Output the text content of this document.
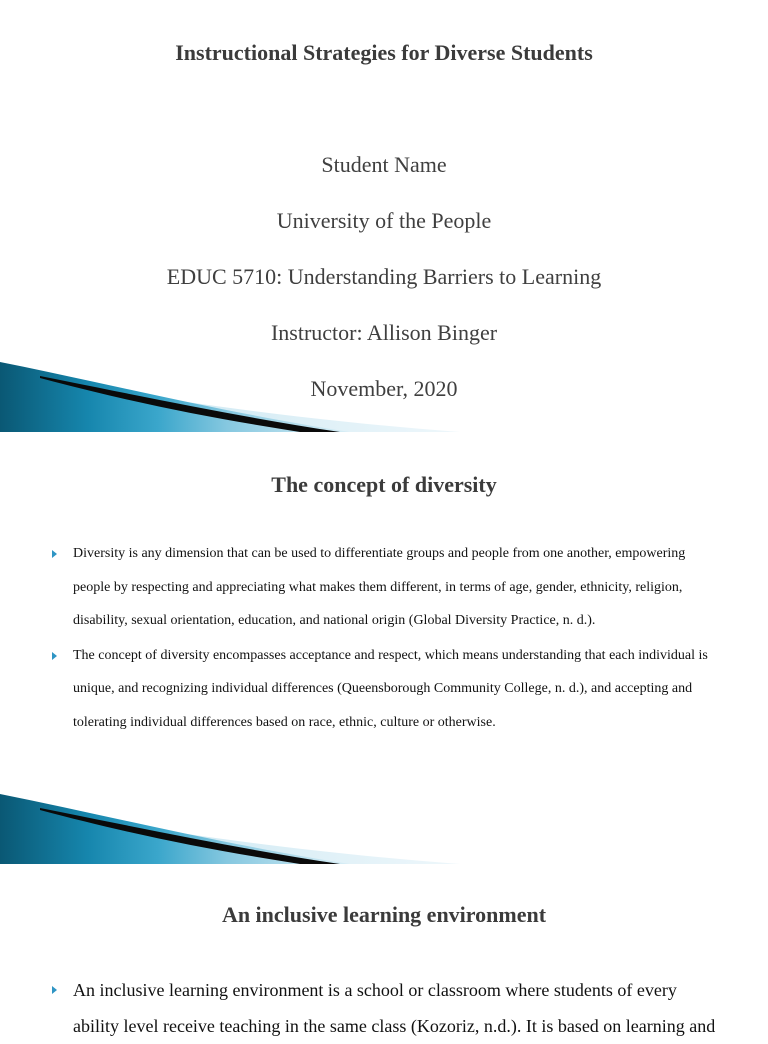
Instructional Strategies for Diverse Students
Student Name
University of the People
EDUC 5710: Understanding Barriers to Learning
Instructor: Allison Binger
November, 2020
The concept of diversity
Diversity is any dimension that can be used to differentiate groups and people from one another, empowering people by respecting and appreciating what makes them different, in terms of age, gender, ethnicity, religion, disability, sexual orientation, education, and national origin (Global Diversity Practice, n. d.).
The concept of diversity encompasses acceptance and respect, which means understanding that each individual is unique, and recognizing individual differences (Queensborough Community College, n. d.), and accepting and tolerating individual differences based on race, ethnic, culture or otherwise.
An inclusive learning environment
An inclusive learning environment is a school or classroom where students of every ability level receive teaching in the same class (Kozoriz, n.d.). It is based on learning and
